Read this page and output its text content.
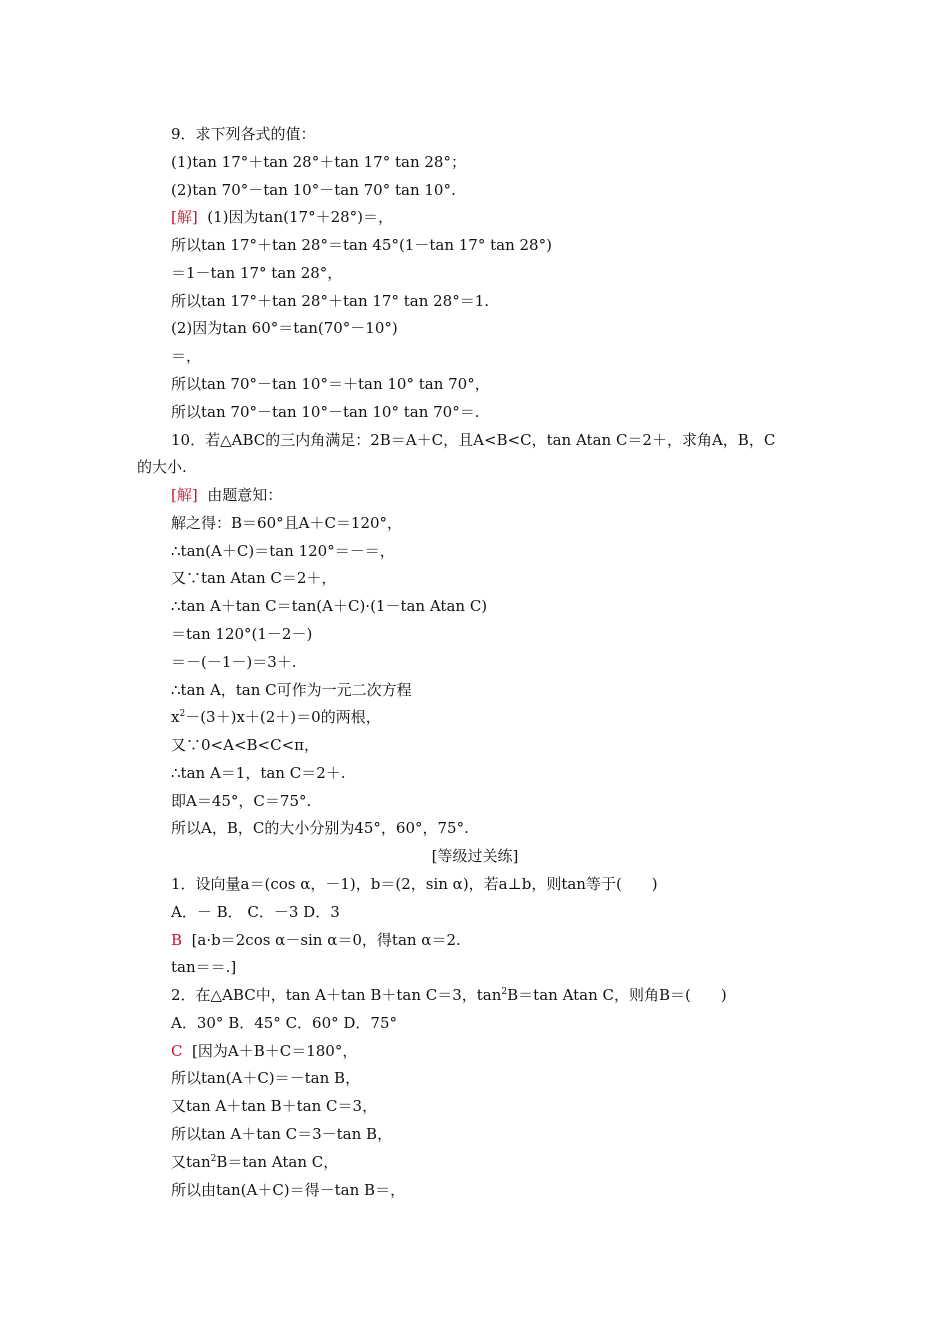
9．求下列各式的值：
(1)tan 17°＋tan 28°＋tan 17° tan 28°；
(2)tan 70°－tan 10°－tan 70° tan 10°.
[解] (1)因为tan(17°＋28°)＝，
所以tan 17°＋tan 28°＝tan 45°(1－tan 17° tan 28°)
＝1－tan 17° tan 28°，
所以tan 17°＋tan 28°＋tan 17° tan 28°＝1.
(2)因为tan 60°＝tan(70°－10°)
＝，
所以tan 70°－tan 10°＝＋tan 10° tan 70°，
所以tan 70°－tan 10°－tan 10° tan 70°＝.
10．若△ABC的三内角满足：2B＝A＋C，且A<B<C，tan Atan C＝2＋，求角A，B，C
的大小.
[解] 由题意知：
解之得：B＝60°且A＋C＝120°，
∴tan(A＋C)＝tan 120°＝－＝，
又∵tan Atan C＝2＋，
∴tan A＋tan C＝tan(A＋C)·(1－tan Atan C)
＝tan 120°(1－2－)
＝－(－1－)＝3＋.
∴tan A，tan C可作为一元二次方程
$x^2-(3+)x+(2+)=0$的两根，
又∵0<A<B<C<π，
∴tan A＝1，tan C＝2＋.
即A＝45°，C＝75°.
所以A，B，C的大小分别为45°，60°，75°.
[等级过关练]
1．设向量a＝(cos α，－1)，b＝(2，sin α)，若a⊥b，则tan等于(　　)
A．－ B． C．－3 D．3
B [a·b＝2cos α－sin α＝0，得tan α＝2.
tan＝＝.]
2．在△ABC中，tan A＋tan B＋tan C＝3，$\tan^2B=\tan$ Atan C，则角B＝(　　)
A．30° B．45° C．60° D．75°
C [因为A＋B＋C＝180°，
所以tan(A＋C)＝－tan B，
又tan A＋tan B＋tan C＝3，
所以tan A＋tan C＝3－tan B，
又$\tan^2B=\tan$ Atan C，
所以由tan(A＋C)＝得－tan B＝，
